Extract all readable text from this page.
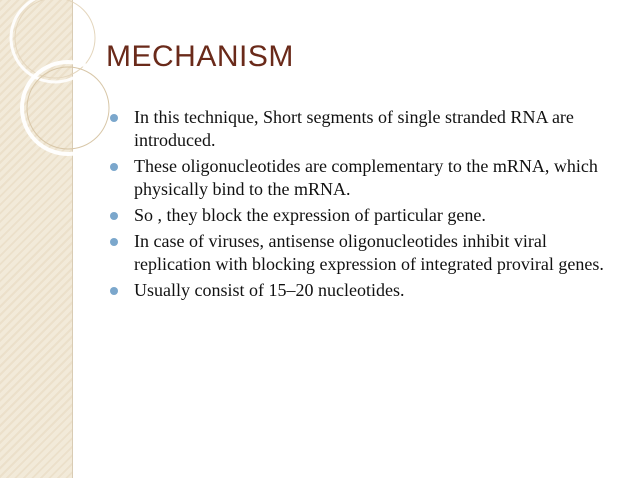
MECHANISM
In this technique, Short segments of single stranded RNA are introduced.
These oligonucleotides are complementary to the mRNA, which physically bind to the mRNA.
So , they block the expression of particular gene.
In case of viruses, antisense oligonucleotides inhibit viral replication with blocking expression of integrated proviral genes.
Usually consist of 15–20 nucleotides.
